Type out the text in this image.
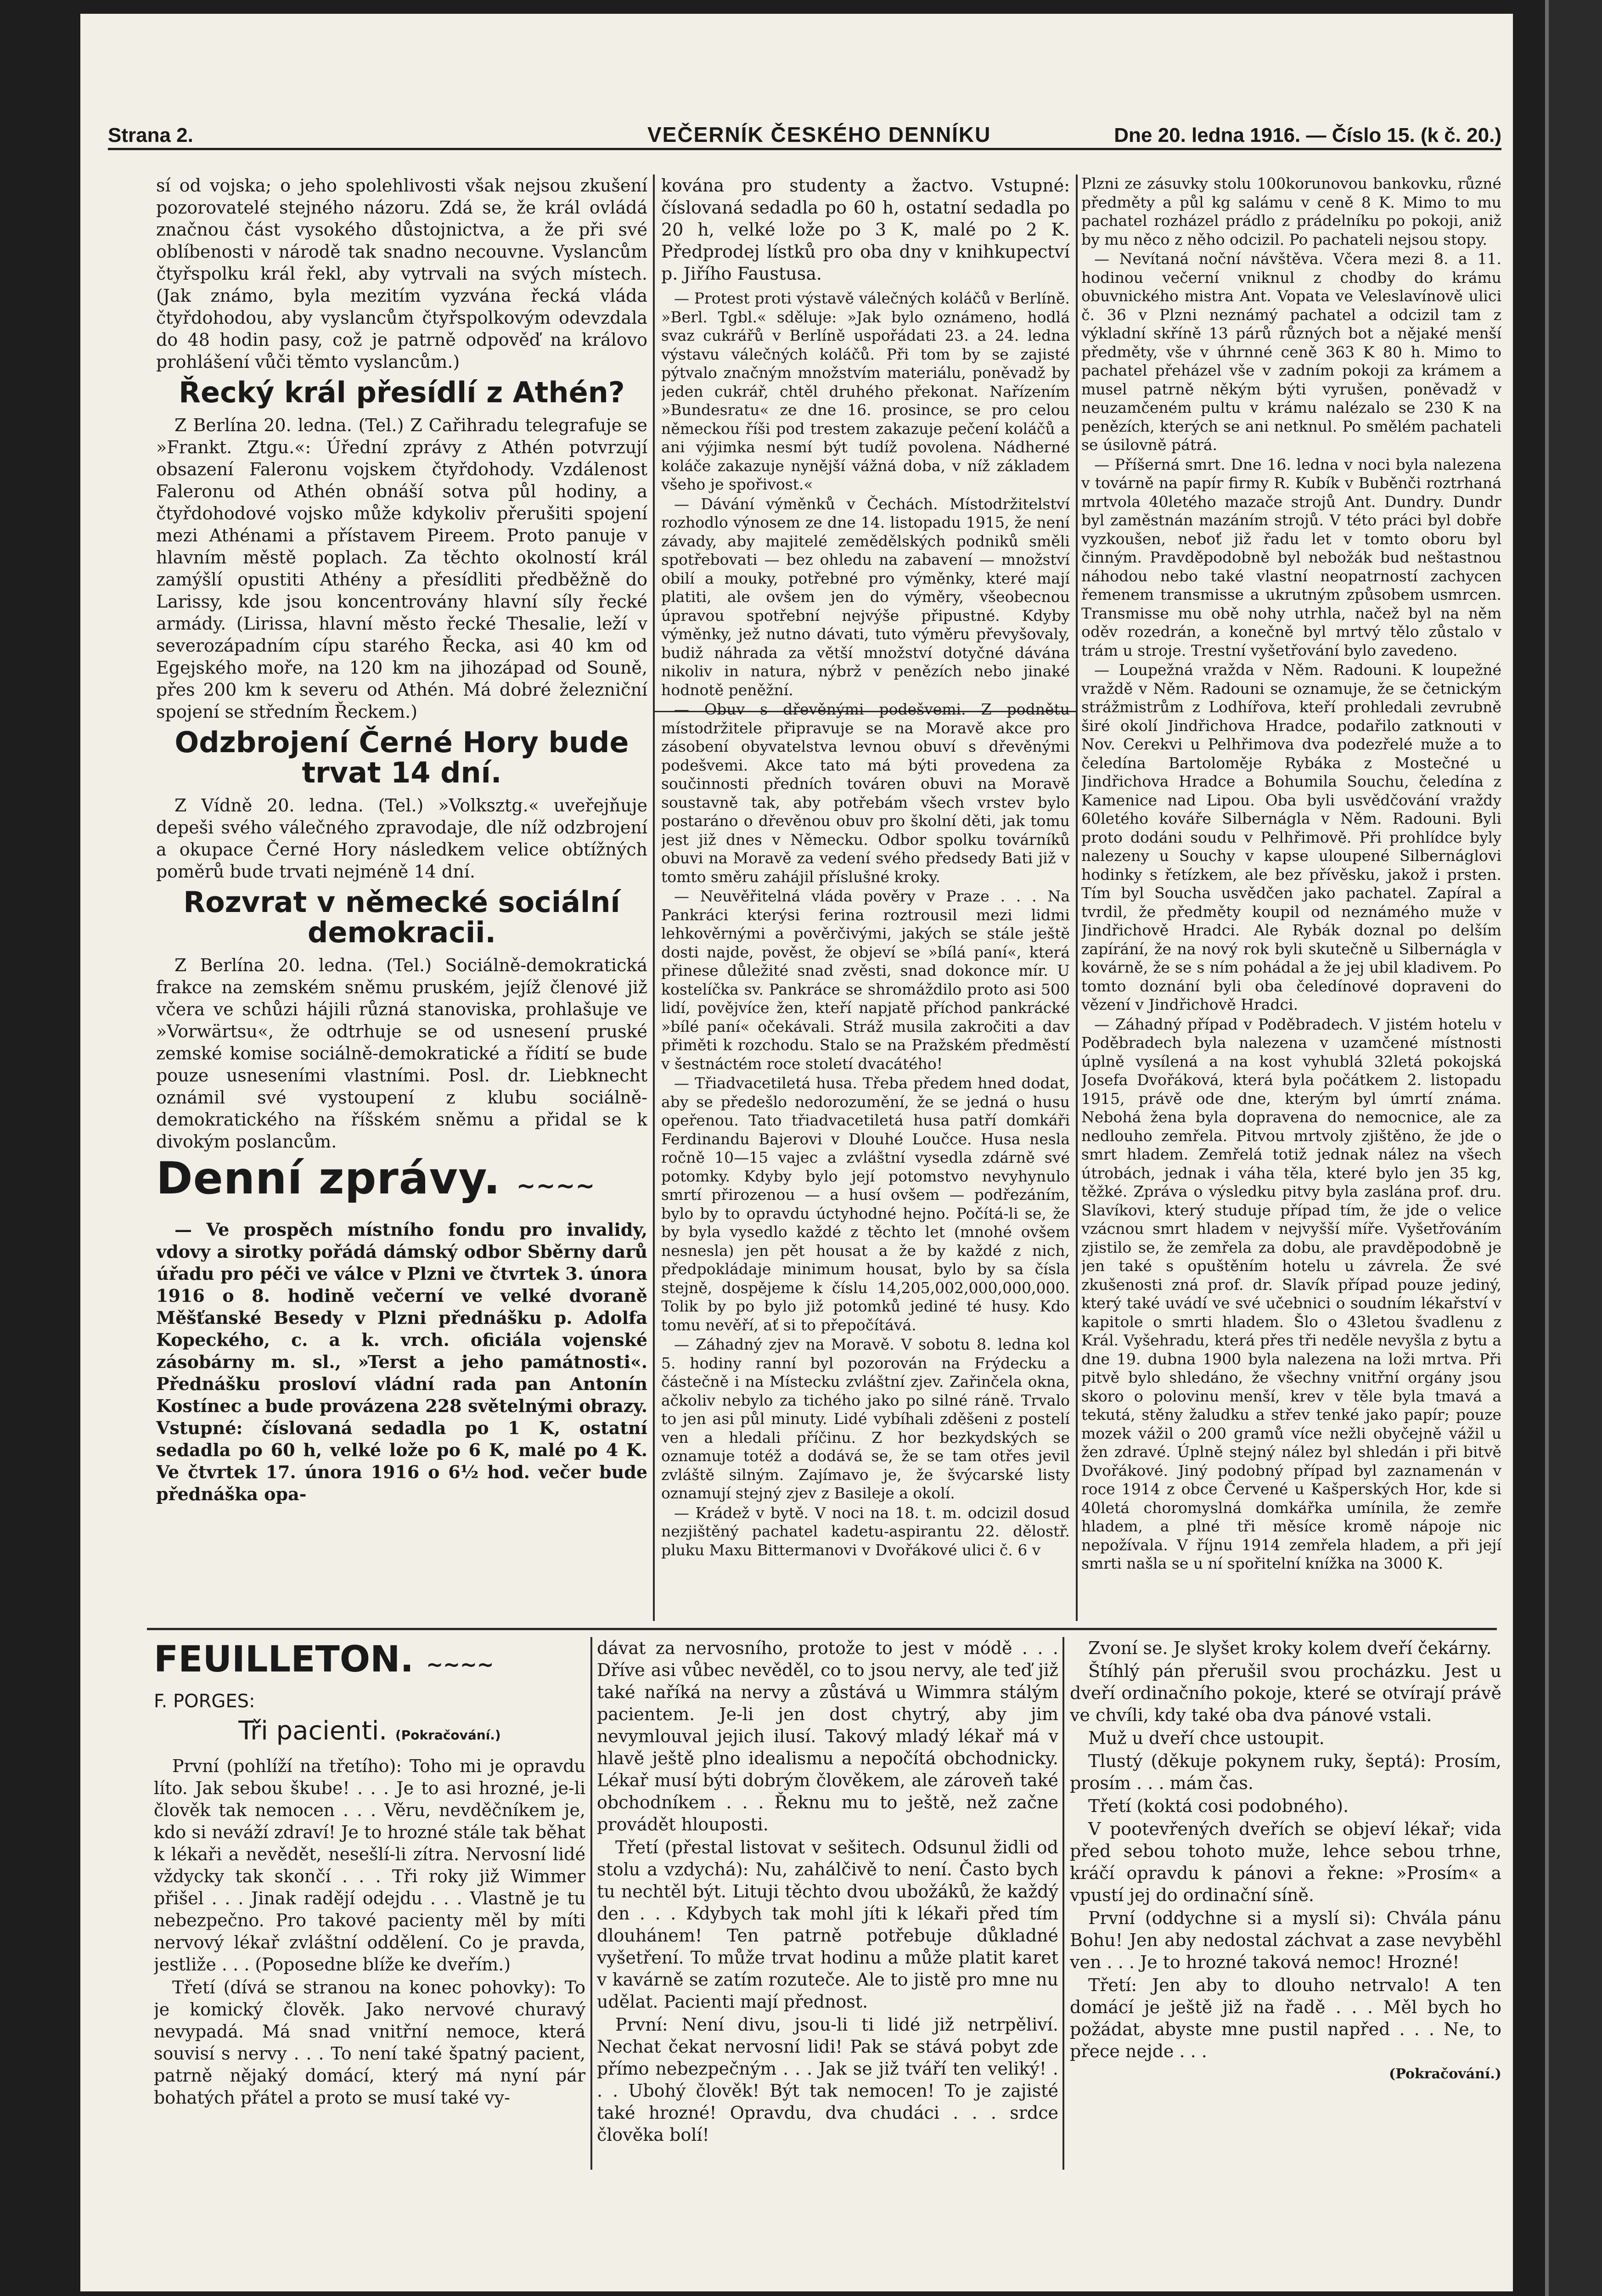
Strana 2.	VEČERNÍK ČESKÉHO DENNÍKU	Dne 20. ledna 1916. — Číslo 15. (k č. 20.)

sí od vojska; o jeho spolehlivosti však nejsou zkušení pozorovatelé stejného názoru. Zdá se, že král ovládá značnou část vysokého důstojnictva, a že při své oblíbenosti v národě tak snadno necouvne. Vyslancům čtyřspolku král řekl, aby vytrvali na svých místech. (Jak známo, byla mezitím vyzvána řecká vláda čtyřdohodou, aby vyslancům čtyřspolkovým odevzdala do 48 hodin pasy, což je patrně odpověď na královo prohlášení vůči těmto vyslancům.)

Řecký král přesídlí z Athén?

Z Berlína 20. ledna. (Tel.) Z Cařihradu telegrafuje se »Frankt. Ztgu.«: Úřední zprávy z Athén potvrzují obsazení Faleronu vojskem čtyřdohody. Vzdálenost Faleronu od Athén obnáší sotva půl hodiny, a čtyřdohodové vojsko může kdykoliv přerušiti spojení mezi Athénami a přístavem Pireem. Proto panuje v hlavním městě poplach. Za těchto okolností král zamýšlí opustiti Athény a přesídliti předběžně do Larissy, kde jsou koncentrovány hlavní síly řecké armády. (Lirissa, hlavní město řecké Thesalie, leží v severozápadním cípu starého Řecka, asi 40 km od Egejského moře, na 120 km na jihozápad od Souně, přes 200 km k severu od Athén. Má dobré železniční spojení se středním Řeckem.)

Odzbrojení Černé Hory bude trvat 14 dní.

Z Vídně 20. ledna. (Tel.) »Volksztg.« uveřejňuje depeši svého válečného zpravodaje, dle níž odzbrojení a okupace Černé Hory následkem velice obtížných poměrů bude trvati nejméně 14 dní.

Rozvrat v německé sociální demokracii.

Z Berlína 20. ledna. (Tel.) Sociálně-demokratická frakce na zemském sněmu pruském, jejíž členové již včera ve schůzi hájili různá stanoviska, prohlašuje ve »Vorwärtsu«, že odtrhuje se od usnesení pruské zemské komise sociálně-demokratické a řídití se bude pouze usneseními vlastními. Posl. dr. Liebknecht oznámil své vystoupení z klubu sociálně-demokratického na říšském sněmu a přidal se k divokým poslancům.

Denní zprávy. ~~~~

— Ve prospěch místního fondu pro invalidy, vdovy a sirotky pořádá dámský odbor Sběrny darů úřadu pro péči ve válce v Plzni ve čtvrtek 3. února 1916 o 8. hodině večerní ve velké dvoraně Měšťanské Besedy v Plzni přednášku p. Adolfa Kopeckého, c. a k. vrch. oficiála vojenské zásobárny m. sl., »Terst a jeho památnosti«. Přednášku prosloví vládní rada pan Antonín Kostínec a bude provázena 228 světelnými obrazy. Vstupné: číslovaná sedadla po 1 K, ostatní sedadla po 60 h, velké lože po 6 K, malé po 4 K. Ve čtvrtek 17. února 1916 o 6½ hod. večer bude přednáška opa-

kována pro studenty a žactvo. Vstupné: číslovaná sedadla po 60 h, ostatní sedadla po 20 h, velké lože po 3 K, malé po 2 K. Předprodej lístků pro oba dny v knihkupectví p. Jiřího Faustusa.

— Protest proti výstavě válečných koláčů v Berlíně. »Berl. Tgbl.« sděluje: »Jak bylo oznámeno, hodlá svaz cukrářů v Berlíně uspořádati 23. a 24. ledna výstavu válečných koláčů. Při tom by se zajisté pýtvalo značným množstvím materiálu, poněvadž by jeden cukrář, chtěl druhého překonat. Nařízením »Bundesratu« ze dne 16. prosince, se pro celou německou říši pod trestem zakazuje pečení koláčů a ani výjimka nesmí být tudíž povolena. Nádherné koláče zakazuje nynější vážná doba, v níž základem všeho je spořivost.«

— Dávání výměnků v Čechách. Místodržitelství rozhodlo výnosem ze dne 14. listopadu 1915, že není závady, aby majitelé zemědělských podniků směli spotřebovati — bez ohledu na zabavení — množství obilí a mouky, potřebné pro výměnky, které mají platiti, ale ovšem jen do výměry, všeobecnou úpravou spotřební nejvýše připustné. Kdyby výměnky, jež nutno dávati, tuto výměru převyšovaly, budiž náhrada za větší množství dotyčné dávána nikoliv in natura, nýbrž v penězích nebo jinaké hodnotě peněžní.

— Obuv s dřevěnými podešvemi. Z podnětu místodržitele připravuje se na Moravě akce pro zásobení obyvatelstva levnou obuví s dřevěnými podešvemi. Akce tato má býti provedena za součinnosti předních továren obuvi na Moravě soustavně tak, aby potřebám všech vrstev bylo postaráno o dřevěnou obuv pro školní děti, jak tomu jest již dnes v Německu. Odbor spolku továrníků obuvi na Moravě za vedení svého předsedy Bati již v tomto směru zahájil příslušné kroky.

— Neuvěřitelná vláda pověry v Praze . . . Na Pankráci kterýsi ferina roztrousil mezi lidmi lehkověrnými a pověrčivými, jakých se stále ještě dosti najde, pověst, že objeví se »bílá paní«, která přinese důležité snad zvěsti, snad dokonce mír. U kostelíčka sv. Pankráce se shromáždilo proto asi 500 lidí, povějvíce žen, kteří napjatě příchod pankrácké »bílé paní« očekávali. Stráž musila zakročiti a dav přiměti k rozchodu. Stalo se na Pražském předměstí v šestnáctém roce století dvacátého!

— Třiadvacetiletá husa. Třeba předem hned dodat, aby se předešlo nedorozumění, že se jedná o husu opeřenou. Tato třiadvacetiletá husa patří domkáři Ferdinandu Bajerovi v Dlouhé Loučce. Husa nesla ročně 10—15 vajec a zvláštní vysedla zdárně své potomky. Kdyby bylo její potomstvo nevyhynulo smrtí přirozenou — a husí ovšem — podřezáním, bylo by to opravdu úctyhodné hejno. Počítá-li se, že by byla vysedlo každé z těchto let (mnohé ovšem nesnesla) jen pět housat a že by každé z nich, předpokládaje minimum housat, bylo by sa čísla stejně, dospějeme k číslu 14,205,002,000,000,000. Tolik by po bylo již potomků jediné té husy. Kdo tomu nevěří, ať si to přepočítává.

— Záhadný zjev na Moravě. V sobotu 8. ledna kol 5. hodiny ranní byl pozorován na Frýdecku a částečně i na Místecku zvláštní zjev. Zařinčela okna, ačkoliv nebylo za tichého jako po silné ráně. Trvalo to jen asi půl minuty. Lidé vybíhali zděšeni z postelí ven a hledali příčinu. Z hor bezkydských se oznamuje totéž a dodává se, že se tam otřes jevil zvláště silným. Zajímavo je, že švýcarské listy oznamují stejný zjev z Basileje a okolí.

— Krádež v bytě. V noci na 18. t. m. odcizil dosud nezjištěný pachatel kadetu-aspirantu 22. dělostř. pluku Maxu Bittermanovi v Dvořákové ulici č. 6 v

Plzni ze zásuvky stolu 100korunovou bankovku, různé předměty a půl kg salámu v ceně 8 K. Mimo to mu pachatel rozházel prádlo z prádelníku po pokoji, aniž by mu něco z něho odcizil. Po pachateli nejsou stopy.

— Nevítaná noční návštěva. Včera mezi 8. a 11. hodinou večerní vniknul z chodby do krámu obuvnického mistra Ant. Vopata ve Veleslavínově ulici č. 36 v Plzni neznámý pachatel a odcizil tam z výkladní skříně 13 párů různých bot a nějaké menší předměty, vše v úhrnné ceně 363 K 80 h. Mimo to pachatel přeházel vše v zadním pokoji za krámem a musel patrně někým býti vyrušen, poněvadž v neuzamčeném pultu v krámu nalézalo se 230 K na penězích, kterých se ani netknul. Po smělém pachateli se úsilovně pátrá.

— Příšerná smrt. Dne 16. ledna v noci byla nalezena v továrně na papír firmy R. Kubík v Buběnči roztrhaná mrtvola 40letého mazače strojů Ant. Dundry. Dundr byl zaměstnán mazáním strojů. V této práci byl dobře vyzkoušen, neboť již řadu let v tomto oboru byl činným. Pravděpodobně byl nebožák bud neštastnou náhodou nebo také vlastní neopatrností zachycen řemenem transmisse a ukrutným způsobem usmrcen. Transmisse mu obě nohy utrhla, načež byl na něm oděv rozedrán, a konečně byl mrtvý tělo zůstalo v trám u stroje. Trestní vyšetřování bylo zavedeno.

— Loupežná vražda v Něm. Radouni. K loupežné vraždě v Něm. Radouni se oznamuje, že se četnickým strážmistrům z Lodhířova, kteří prohledali zevrubně širé okolí Jindřichova Hradce, podařilo zatknouti v Nov. Cerekvi u Pelhřimova dva podezřelé muže a to čeledína Bartoloměje Rybáka z Mostečné u Jindřichova Hradce a Bohumila Souchu, čeledína z Kamenice nad Lipou. Oba byli usvědčování vraždy 60letého kováře Silbernágla v Něm. Radouni. Byli proto dodáni soudu v Pelhřimově. Při prohlídce byly nalezeny u Souchy v kapse uloupené Silbernáglovi hodinky s řetízkem, ale bez přívěsku, jakož i prsten. Tím byl Soucha usvědčen jako pachatel. Zapíral a tvrdil, že předměty koupil od neznámého muže v Jindřichově Hradci. Ale Rybák doznal po delším zapírání, že na nový rok byli skutečně u Silbernágla v kovárně, že se s ním pohádal a že jej ubil kladivem. Po tomto doznání byli oba čeledínové dopraveni do vězení v Jindřichově Hradci.

— Záhadný případ v Poděbradech. V jistém hotelu v Poděbradech byla nalezena v uzamčené místnosti úplně vysílená a na kost vyhublá 32letá pokojská Josefa Dvořáková, která byla počátkem 2. listopadu 1915, právě ode dne, kterým byl úmrtí známa. Nebohá žena byla dopravena do nemocnice, ale za nedlouho zemřela. Pitvou mrtvoly zjištěno, že jde o smrt hladem. Zemřelá totiž jednak nález na všech útrobách, jednak i váha těla, které bylo jen 35 kg, těžké. Zpráva o výsledku pitvy byla zaslána prof. dru. Slavíkovi, který studuje případ tím, že jde o velice vzácnou smrt hladem v nejvyšší míře. Vyšetřováním zjistilo se, že zemřela za dobu, ale pravděpodobně je jen také s opuštěním hotelu u závrela. Že své zkušenosti zná prof. dr. Slavík případ pouze jediný, který také uvádí ve své učebnici o soudním lékařství v kapitole o smrti hladem. Šlo o 43letou švadlenu z Král. Vyšehradu, která přes tři neděle nevyšla z bytu a dne 19. dubna 1900 byla nalezena na loži mrtva. Při pitvě bylo shledáno, že všechny vnitřní orgány jsou skoro o polovinu menší, krev v těle byla tmavá a tekutá, stěny žaludku a střev tenké jako papír; pouze mozek vážil o 200 gramů více nežli obyčejně vážil u žen zdravé. Úplně stejný nález byl shledán i při bitvě Dvořákové. Jiný podobný případ byl zaznamenán v roce 1914 z obce Červené u Kašperských Hor, kde si 40letá choromyslná domkářka umínila, že zemře hladem, a plné tři měsíce kromě nápoje nic nepožívala. V říjnu 1914 zemřela hladem, a při její smrti našla se u ní spořitelní knížka na 3000 K.

FEUILLETON. ~~~~
F. PORGES:
Tři pacienti. (Pokračování.)

První (pohlíží na třetího): Toho mi je opravdu líto. Jak sebou škube! . . . Je to asi hrozné, je-li člověk tak nemocen . . . Věru, nevděčníkem je, kdo si neváží zdraví! Je to hrozné stále tak běhat k lékaři a nevědět, nesešlí-li zítra. Nervosní lidé vždycky tak skončí . . . Tři roky již Wimmer přišel . . . Jinak radějí odejdu . . . Vlastně je tu nebezpečno. Pro takové pacienty měl by míti nervový lékař zvláštní oddělení. Co je pravda, jestliže . . . (Poposedne blíže ke dveřím.)

Třetí (dívá se stranou na konec pohovky): To je komický člověk. Jako nervové churavý nevypadá. Má snad vnitřní nemoce, která souvisí s nervy . . . To není také špatný pacient, patrně nějaký domácí, který má nyní pár bohatých přátel a proto se musí také vy-

dávat za nervosního, protože to jest v módě . . . Dříve asi vůbec nevěděl, co to jsou nervy, ale teď již také naříká na nervy a zůstává u Wimmra stálým pacientem. Je-li jen dost chytrý, aby jim nevymlouval jejich ilusí. Takový mladý lékař má v hlavě ještě plno idealismu a nepočítá obchodnicky. Lékař musí býti dobrým člověkem, ale zároveň také obchodníkem . . . Řeknu mu to ještě, než začne provádět hlouposti.

Třetí (přestal listovat v sešitech. Odsunul židli od stolu a vzdychá): Nu, zahálčivě to není. Často bych tu nechtěl být. Lituji těchto dvou ubožáků, že každý den . . . Kdybych tak mohl jíti k lékaři před tím dlouhánem! Ten patrně potřebuje důkladné vyšetření. To může trvat hodinu a může platit karet v kavárně se zatím rozuteče. Ale to jistě pro mne nu udělat. Pacienti mají přednost.

První: Není divu, jsou-li ti lidé již netrpěliví. Nechat čekat nervosní lidi! Pak se stává pobyt zde přímo nebezpečným . . . Jak se již tváří ten veliký! . . . Ubohý člověk! Být tak nemocen! To je zajisté také hrozné! Opravdu, dva chudáci . . . srdce člověka bolí!

Zvoní se. Je slyšet kroky kolem dveří čekárny.

Štíhlý pán přerušil svou procházku. Jest u dveří ordinačního pokoje, které se otvírají právě ve chvíli, kdy také oba dva pánové vstali.

Muž u dveří chce ustoupit.

Tlustý (děkuje pokynem ruky, šeptá): Prosím, prosím . . . mám čas.

Třetí (koktá cosi podobného).

V pootevřených dveřích se objeví lékař; vida před sebou tohoto muže, lehce sebou trhne, kráčí opravdu k pánovi a řekne: »Prosím« a vpustí jej do ordinační síně.

První (oddychne si a myslí si): Chvála pánu Bohu! Jen aby nedostal záchvat a zase nevyběhl ven . . . Je to hrozné taková nemoc! Hrozné!

Třetí: Jen aby to dlouho netrvalo! A ten domácí je ještě již na řadě . . . Měl bych ho požádat, abyste mne pustil napřed . . . Ne, to přece nejde . . .

(Pokračování.)
